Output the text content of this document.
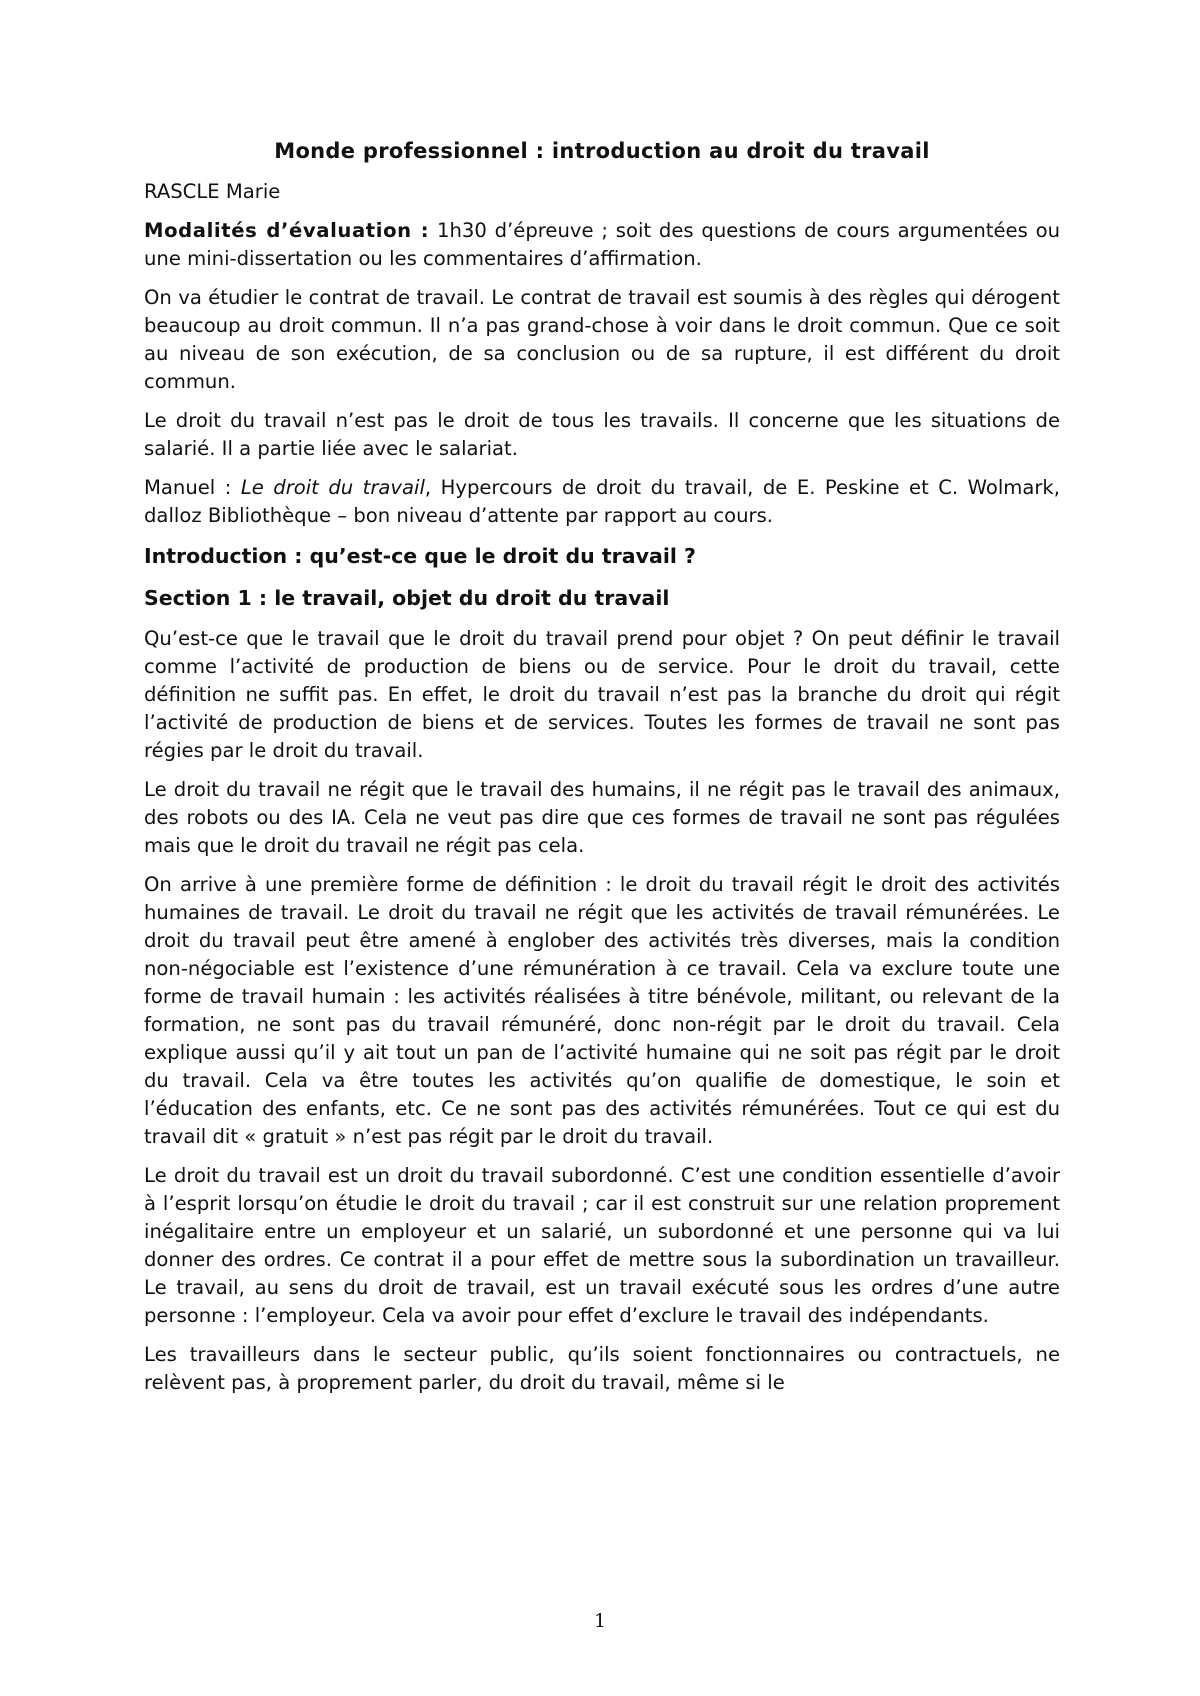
Monde professionnel : introduction au droit du travail
RASCLE Marie
Modalités d’évaluation : 1h30 d’épreuve ; soit des questions de cours argumentées ou une mini-dissertation ou les commentaires d’affirmation.
On va étudier le contrat de travail. Le contrat de travail est soumis à des règles qui dérogent beaucoup au droit commun. Il n’a pas grand-chose à voir dans le droit commun. Que ce soit au niveau de son exécution, de sa conclusion ou de sa rupture, il est différent du droit commun.
Le droit du travail n’est pas le droit de tous les travails. Il concerne que les situations de salarié. Il a partie liée avec le salariat.
Manuel : Le droit du travail, Hypercours de droit du travail, de E. Peskine et C. Wolmark, dalloz Bibliothèque – bon niveau d’attente par rapport au cours.
Introduction : qu’est-ce que le droit du travail ?
Section 1 : le travail, objet du droit du travail
Qu’est-ce que le travail que le droit du travail prend pour objet ? On peut définir le travail comme l’activité de production de biens ou de service. Pour le droit du travail, cette définition ne suffit pas. En effet, le droit du travail n’est pas la branche du droit qui régit l’activité de production de biens et de services. Toutes les formes de travail ne sont pas régies par le droit du travail.
Le droit du travail ne régit que le travail des humains, il ne régit pas le travail des animaux, des robots ou des IA. Cela ne veut pas dire que ces formes de travail ne sont pas régulées mais que le droit du travail ne régit pas cela.
On arrive à une première forme de définition : le droit du travail régit le droit des activités humaines de travail. Le droit du travail ne régit que les activités de travail rémunérées. Le droit du travail peut être amené à englober des activités très diverses, mais la condition non-négociable est l’existence d’une rémunération à ce travail. Cela va exclure toute une forme de travail humain : les activités réalisées à titre bénévole, militant, ou relevant de la formation, ne sont pas du travail rémunéré, donc non-régit par le droit du travail. Cela explique aussi qu’il y ait tout un pan de l’activité humaine qui ne soit pas régit par le droit du travail. Cela va être toutes les activités qu’on qualifie de domestique, le soin et l’éducation des enfants, etc. Ce ne sont pas des activités rémunérées. Tout ce qui est du travail dit « gratuit » n’est pas régit par le droit du travail.
Le droit du travail est un droit du travail subordonné. C’est une condition essentielle d’avoir à l’esprit lorsqu’on étudie le droit du travail ; car il est construit sur une relation proprement inégalitaire entre un employeur et un salarié, un subordonné et une personne qui va lui donner des ordres. Ce contrat il a pour effet de mettre sous la subordination un travailleur. Le travail, au sens du droit de travail, est un travail exécuté sous les ordres d’une autre personne : l’employeur. Cela va avoir pour effet d’exclure le travail des indépendants.
Les travailleurs dans le secteur public, qu’ils soient fonctionnaires ou contractuels, ne relèvent pas, à proprement parler, du droit du travail, même si le
1
